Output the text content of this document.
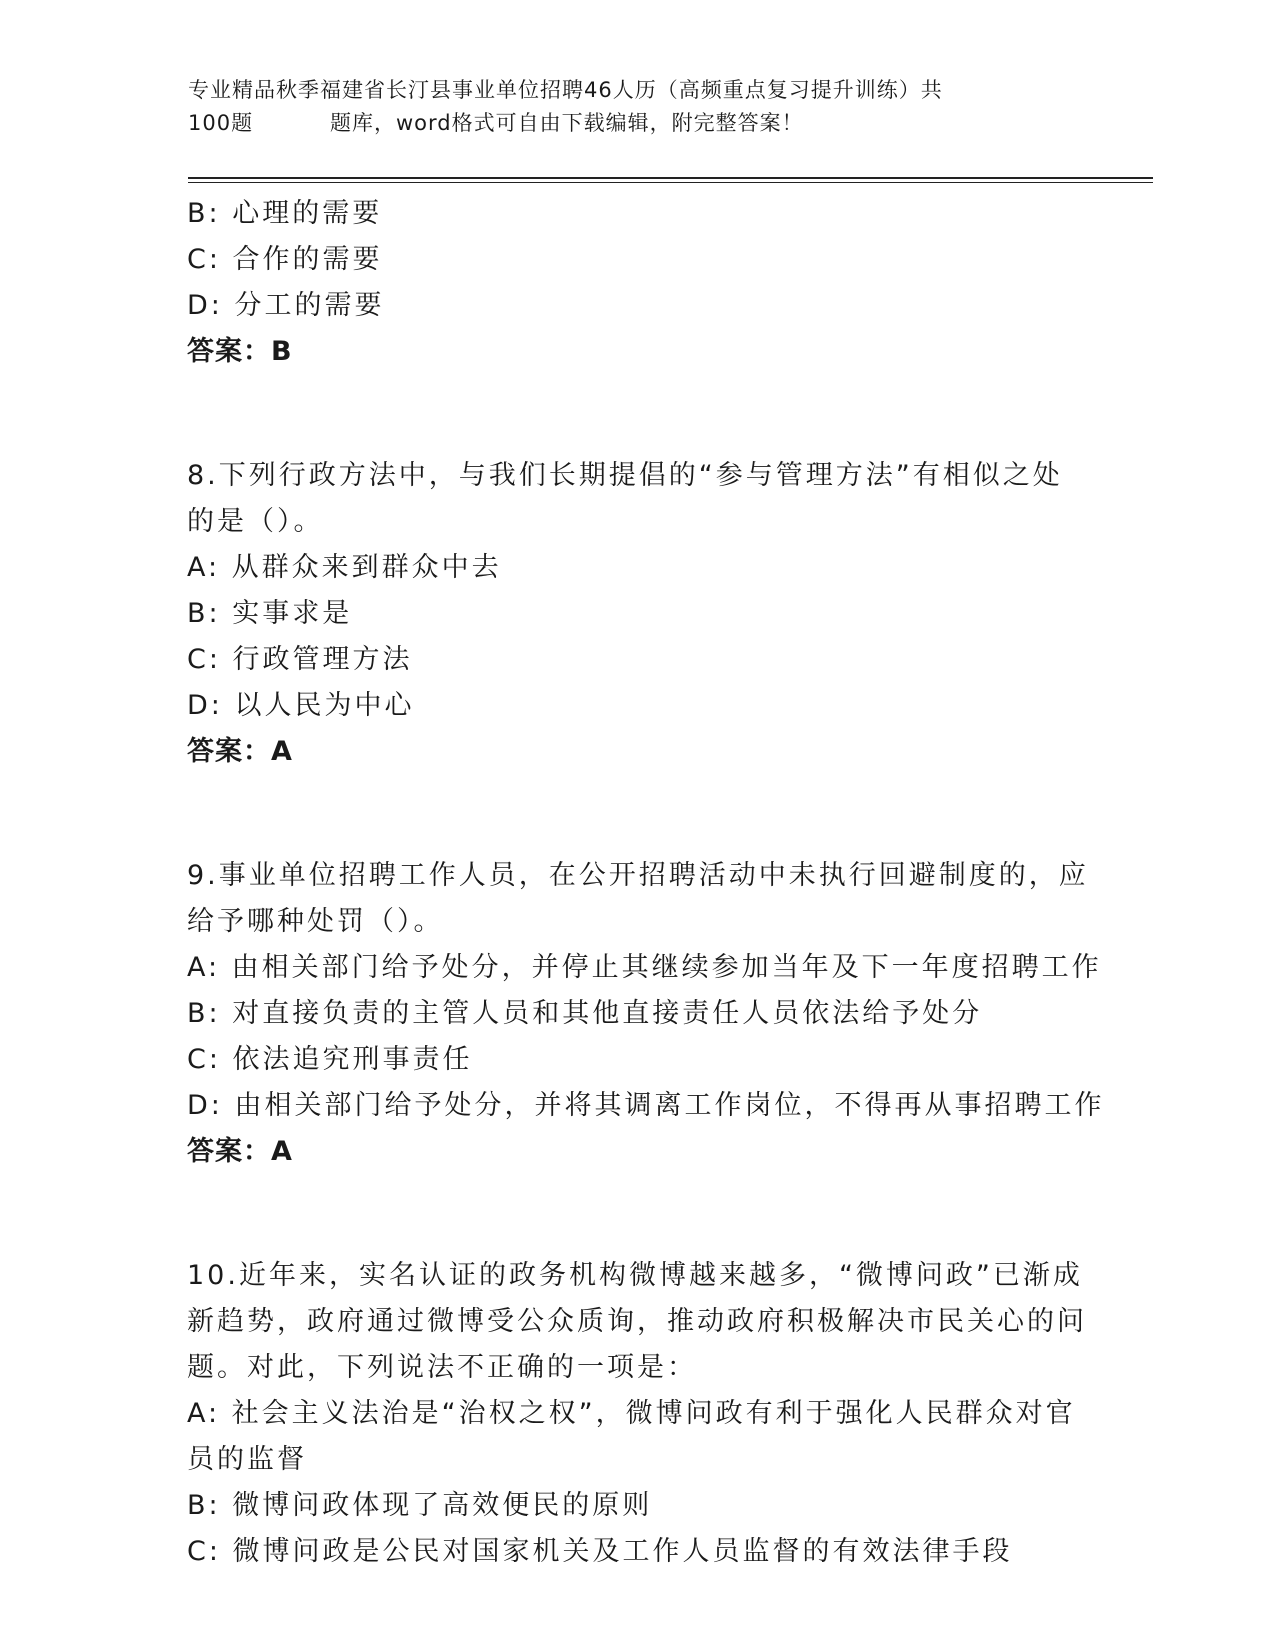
专业精品秋季福建省长汀县事业单位招聘46人历（高频重点复习提升训练）共
100题	题库，word格式可自由下载编辑，附完整答案！
B: 心理的需要
C: 合作的需要
D: 分工的需要
答案：B
8.下列行政方法中，与我们长期提倡的“参与管理方法”有相似之处
的是（）。
A: 从群众来到群众中去
B: 实事求是
C: 行政管理方法
D: 以人民为中心
答案：A
9.事业单位招聘工作人员，在公开招聘活动中未执行回避制度的，应
给予哪种处罚（）。
A: 由相关部门给予处分，并停止其继续参加当年及下一年度招聘工作
B: 对直接负责的主管人员和其他直接责任人员依法给予处分
C: 依法追究刑事责任
D: 由相关部门给予处分，并将其调离工作岗位，不得再从事招聘工作
答案：A
10.近年来，实名认证的政务机构微博越来越多，“微博问政”已渐成
新趋势，政府通过微博受公众质询，推动政府积极解决市民关心的问
题。对此，下列说法不正确的一项是：
A: 社会主义法治是“治权之权”，微博问政有利于强化人民群众对官
员的监督
B: 微博问政体现了高效便民的原则
C: 微博问政是公民对国家机关及工作人员监督的有效法律手段
